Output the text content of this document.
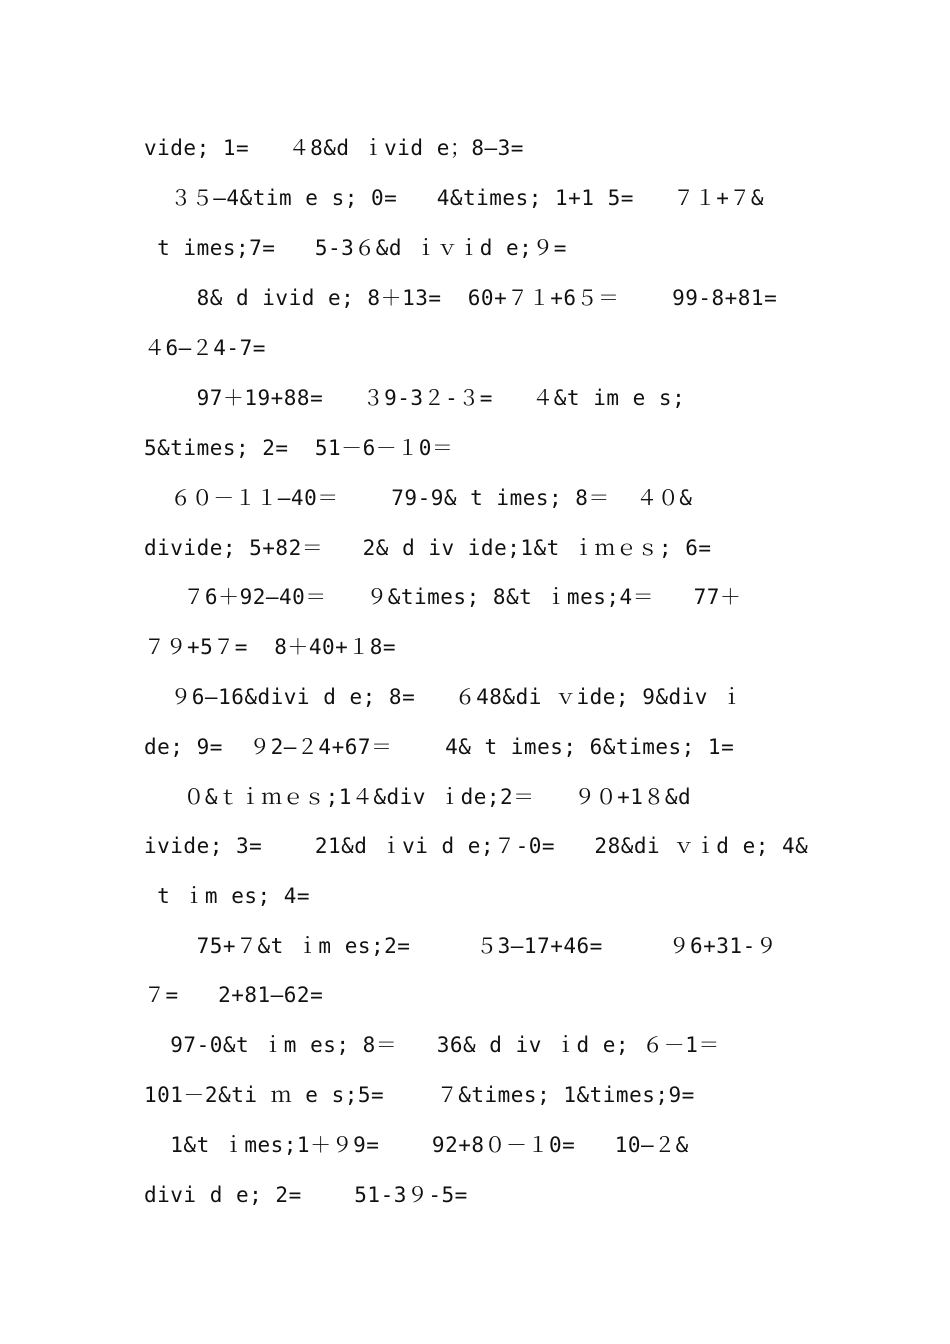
vide; 1=   ４8&d ｉvid e；8—3=
３５—4&tim e s; 0=   4&times; 1+1 5=   ７１+７&
t imes;7=   5-3６&d ｉｖｉd e;９=
8& d ivid e; 8＋13=  60+７１+6５＝    99-8+81=
４6—２4-7=
97＋19+88=   ３9-3２-３=   ４&t im e s;
5&times; 2=  51－6－１0＝
６０－１１—40＝    79-9& t imes; 8＝  ４０&
divide; 5+82＝   2& d iv ide;1&t ｉｍｅｓ; 6=
７6＋92—40＝   ９&times; 8&t ｉmes;4＝   77＋
７９+5７=  8＋40+１8=
９6—16&divi d e; 8=   ６48&di ｖide; 9&div ｉ
de; 9=  ９2—２4+67＝    4& t imes; 6&times; 1=
０&ｔｉｍｅｓ;1４&div ｉde;2＝   ９０+1８&d
ivide; 3=    21&d ｉvi d e;７-0=   28&di ｖｉd e; 4&
t ｉm es; 4=
75+７&t ｉm es;2=     ５3—17+46=     ９6+31-９
７=   2+81—62=
97-0&t ｉm es; 8＝   36& d iv ｉd e; ６－1＝
101－2&ti ｍ e s;5=    ７&times; 1&times;9=
1&t ｉmes;1＋９9=    92+8０－１0=   10—２&
divi d e; 2=    51-3９-5=
